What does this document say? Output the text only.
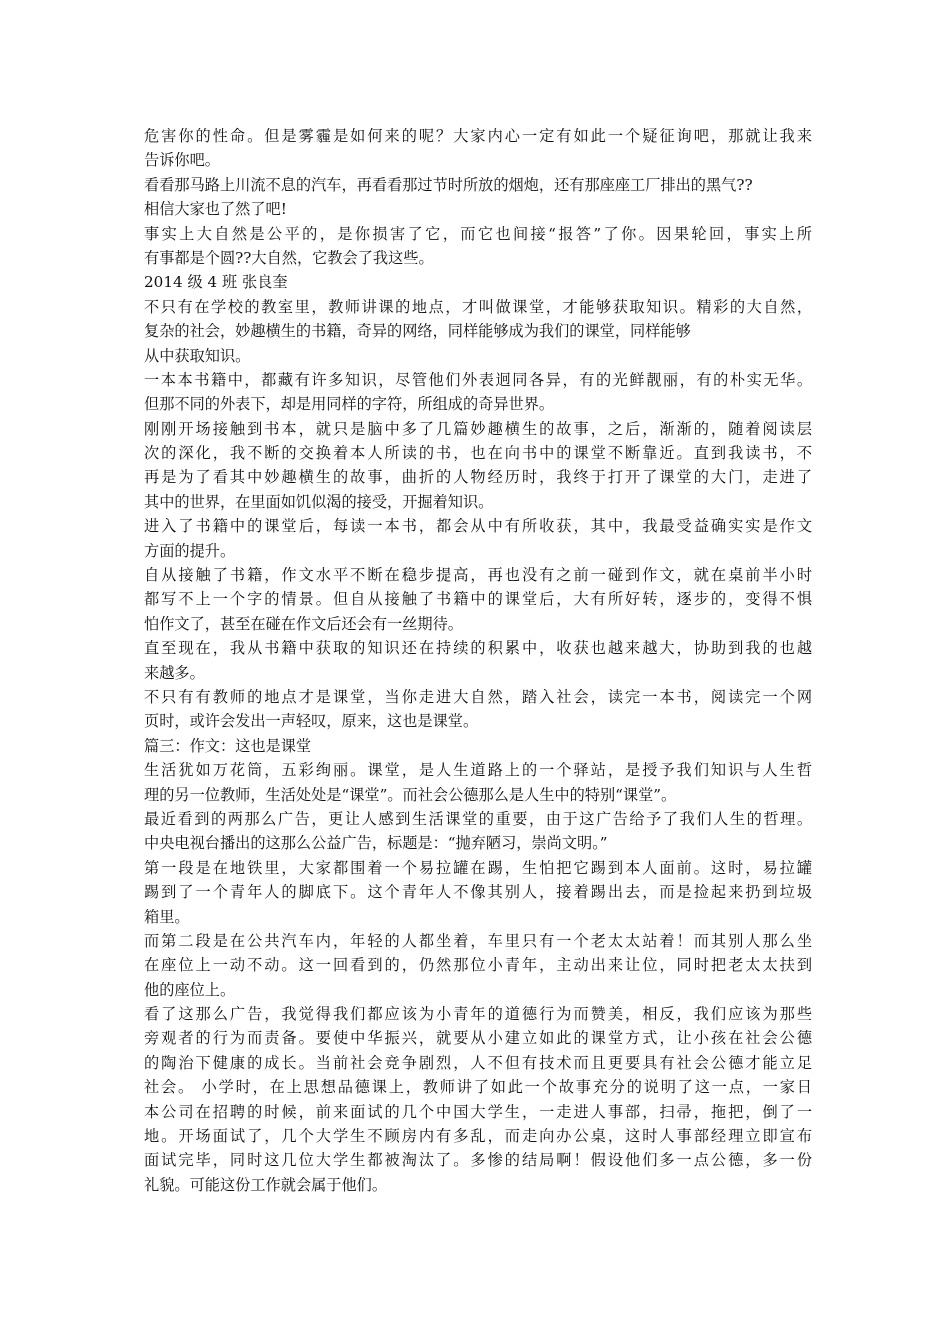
危害你的性命。但是雾霾是如何来的呢？大家内心一定有如此一个疑征询吧，那就让我来
告诉你吧。
看看那马路上川流不息的汽车，再看看那过节时所放的烟炮，还有那座座工厂排出的黑气??
相信大家也了然了吧!
事实上大自然是公平的，是你损害了它，而它也间接“报答”了你。因果轮回，事实上所
有事都是个圆??大自然，它教会了我这些。
2014 级 4 班 张良奎
不只有在学校的教室里，教师讲课的地点，才叫做课堂，才能够获取知识。精彩的大自然，
复杂的社会，妙趣横生的书籍，奇异的网络，同样能够成为我们的课堂，同样能够
从中获取知识。
一本本书籍中，都藏有许多知识，尽管他们外表迥同各异，有的光鲜靓丽，有的朴实无华。
但那不同的外表下，却是用同样的字符，所组成的奇异世界。
刚刚开场接触到书本，就只是脑中多了几篇妙趣横生的故事，之后，渐渐的，随着阅读层
次的深化，我不断的交换着本人所读的书，也在向书中的课堂不断靠近。直到我读书，不
再是为了看其中妙趣横生的故事，曲折的人物经历时，我终于打开了课堂的大门，走进了
其中的世界，在里面如饥似渴的接受，开掘着知识。
进入了书籍中的课堂后，每读一本书，都会从中有所收获，其中，我最受益确实实是作文
方面的提升。
自从接触了书籍，作文水平不断在稳步提高，再也没有之前一碰到作文，就在桌前半小时
都写不上一个字的情景。但自从接触了书籍中的课堂后，大有所好转，逐步的，变得不惧
怕作文了，甚至在碰在作文后还会有一丝期待。
直至现在，我从书籍中获取的知识还在持续的积累中，收获也越来越大，协助到我的也越
来越多。
不只有有教师的地点才是课堂，当你走进大自然，踏入社会，读完一本书，阅读完一个网
页时，或许会发出一声轻叹，原来，这也是课堂。
篇三：作文：这也是课堂
生活犹如万花筒，五彩绚丽。课堂，是人生道路上的一个驿站，是授予我们知识与人生哲
理的另一位教师，生活处处是“课堂”。而社会公德那么是人生中的特别“课堂”。
最近看到的两那么广告，更让人感到生活课堂的重要，由于这广告给予了我们人生的哲理。
中央电视台播出的这那么公益广告，标题是：“抛弃陋习，崇尚文明。”
第一段是在地铁里，大家都围着一个易拉罐在踢，生怕把它踢到本人面前。这时，易拉罐
踢到了一个青年人的脚底下。这个青年人不像其别人，接着踢出去，而是捡起来扔到垃圾
箱里。
而第二段是在公共汽车内，年轻的人都坐着，车里只有一个老太太站着！而其别人那么坐
在座位上一动不动。这一回看到的，仍然那位小青年，主动出来让位，同时把老太太扶到
他的座位上。
看了这那么广告，我觉得我们都应该为小青年的道德行为而赞美，相反，我们应该为那些
旁观者的行为而责备。要使中华振兴，就要从小建立如此的课堂方式，让小孩在社会公德
的陶治下健康的成长。当前社会竞争剧烈，人不但有技术而且更要具有社会公德才能立足
社会。 小学时，在上思想品德课上，教师讲了如此一个故事充分的说明了这一点，一家日
本公司在招聘的时候，前来面试的几个中国大学生，一走进人事部，扫帚，拖把，倒了一
地。开场面试了，几个大学生不顾房内有多乱，而走向办公桌，这时人事部经理立即宣布
面试完毕，同时这几位大学生都被淘汰了。多惨的结局啊！假设他们多一点公德，多一份
礼貌。可能这份工作就会属于他们。
